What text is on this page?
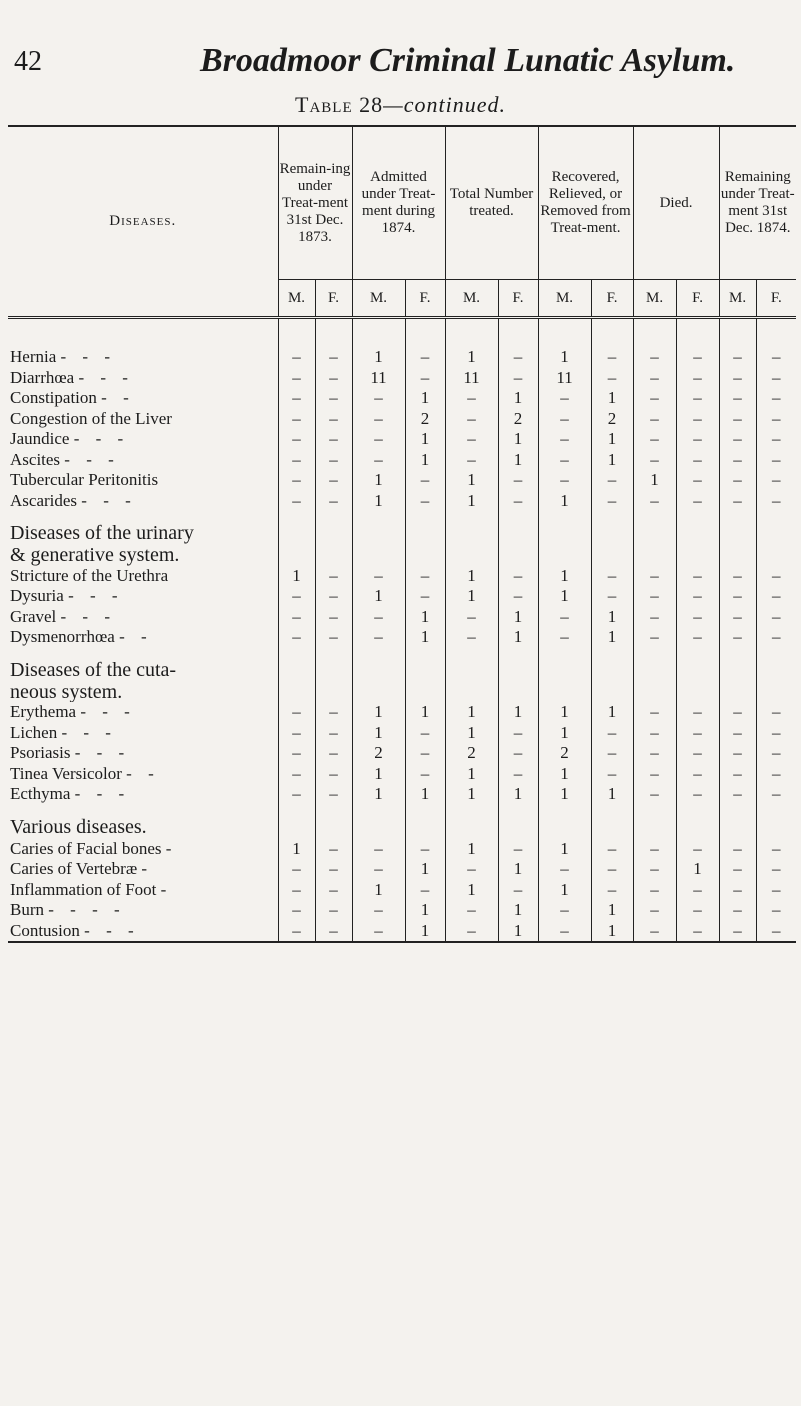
42	Broadmoor Criminal Lunatic Asylum.
Table 28—continued.
Diseases.	Remain-ing under Treat-ment 31st Dec. 1873.		Admitted under Treat-ment during 1874.		Total Number treated.		Recovered, Relieved, or Removed from Treat-ment.		Died.		Remaining under Treat-ment 31st Dec. 1874.	
	M.	F.	M.	F.	M.	F.	M.	F.	M.	F.	M.	F.

Hernia - - -	–	–	1	–	1	–	1	–	–	–	–	–
Diarrhœa - - -	–	–	11	–	11	–	11	–	–	–	–	–
Constipation - -	–	–	–	1	–	1	–	1	–	–	–	–
Congestion of the Liver	–	–	–	2	–	2	–	2	–	–	–	–
Jaundice - - -	–	–	–	1	–	1	–	1	–	–	–	–
Ascites - - -	–	–	–	1	–	1	–	1	–	–	–	–
Tubercular Peritonitis	–	–	1	–	1	–	–	–	1	–	–	–
Ascarides - - -	–	–	1	–	1	–	1	–	–	–	–	–
Diseases of the urinary												
& generative system.												
Stricture of the Urethra	1	–	–	–	1	–	1	–	–	–	–	–
Dysuria - - -	–	–	1	–	1	–	1	–	–	–	–	–
Gravel - - -	–	–	–	1	–	1	–	1	–	–	–	–
Dysmenorrhœa - -	–	–	–	1	–	1	–	1	–	–	–	–
Diseases of the cuta-												
neous system.												
Erythema - - -	–	–	1	1	1	1	1	1	–	–	–	–
Lichen - - -	–	–	1	–	1	–	1	–	–	–	–	–
Psoriasis - - -	–	–	2	–	2	–	2	–	–	–	–	–
Tinea Versicolor - -	–	–	1	–	1	–	1	–	–	–	–	–
Ecthyma - - -	–	–	1	1	1	1	1	1	–	–	–	–
Various diseases.												
Caries of Facial bones -	1	–	–	–	1	–	1	–	–	–	–	–
Caries of Vertebræ -	–	–	–	1	–	1	–	–	–	1	–	–
Inflammation of Foot -	–	–	1	–	1	–	1	–	–	–	–	–
Burn - - - -	–	–	–	1	–	1	–	1	–	–	–	–
Contusion - - -	–	–	–	1	–	1	–	1	–	–	–	–
